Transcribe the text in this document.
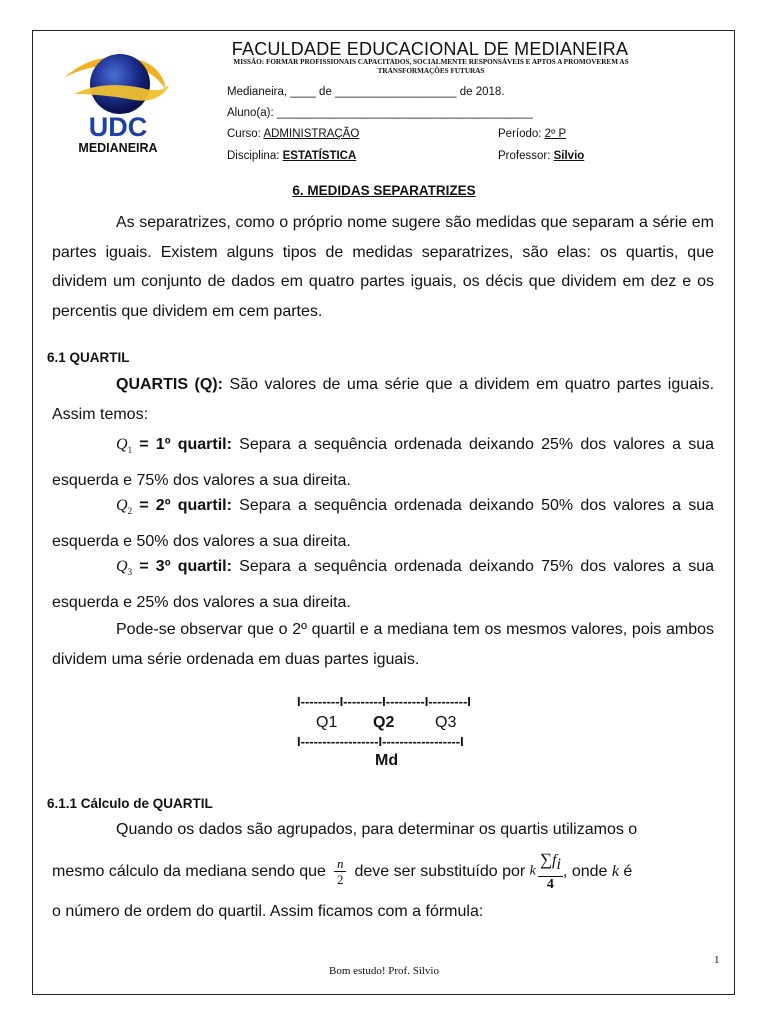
UDC
MEDIANEIRA
FACULDADE EDUCACIONAL DE MEDIANEIRA
MISSÃO: FORMAR PROFISSIONAIS CAPACITADOS, SOCIALMENTE RESPONSÁVEIS E APTOS A PROMOVEREM AS
TRANSFORMAÇÕES FUTURAS
Medianeira, ____ de ___________________ de 2018.
Aluno(a): ________________________________________
Curso: ADMINISTRAÇÃO	Período: 2º P
Disciplina: ESTATÍSTICA	Professor: Silvio
6. MEDIDAS SEPARATRIZES
As separatrizes, como o próprio nome sugere são medidas que separam a série em partes iguais. Existem alguns tipos de medidas separatrizes, são elas: os quartis, que dividem um conjunto de dados em quatro partes iguais, os décis que dividem em dez e os percentis que dividem em cem partes.
6.1 QUARTIL
QUARTIS (Q): São valores de uma série que a dividem em quatro partes iguais. Assim temos:
$Q_1$ = 1º quartil: Separa a sequência ordenada deixando 25% dos valores a sua esquerda e 75% dos valores a sua direita.
$Q_2$ = 2º quartil: Separa a sequência ordenada deixando 50% dos valores a sua esquerda e 50% dos valores a sua direita.
$Q_3$ = 3º quartil: Separa a sequência ordenada deixando 75% dos valores a sua esquerda e 25% dos valores a sua direita.
Pode-se observar que o 2º quartil e a mediana tem os mesmos valores, pois ambos dividem uma série ordenada em duas partes iguais.
I---------I---------I---------I---------I
Q1 Q2	Q3
I------------------I------------------I
Md
6.1.1 Cálculo de QUARTIL
Quando os dados são agrupados, para determinar os quartis utilizamos o
mesmo cálculo da mediana sendo que $\frac{n}{2}$ deve ser substituído por k $\frac{\sum f_i}{4}$ , onde k é
o número de ordem do quartil. Assim ficamos com a fórmula:
1
Bom estudo! Prof. Silvio
